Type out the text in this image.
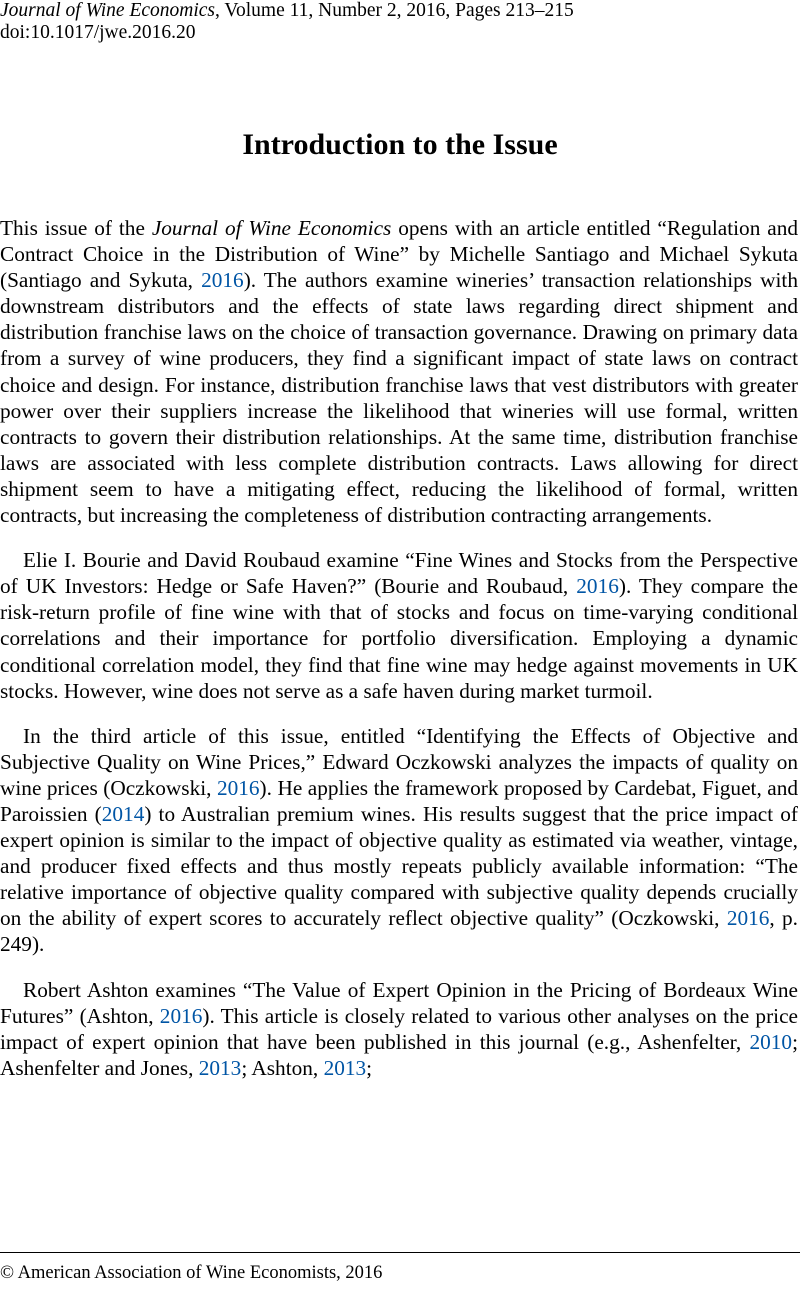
Journal of Wine Economics, Volume 11, Number 2, 2016, Pages 213–215
doi:10.1017/jwe.2016.20
Introduction to the Issue

This issue of the Journal of Wine Economics opens with an article entitled “Regulation and Contract Choice in the Distribution of Wine” by Michelle Santiago and Michael Sykuta (Santiago and Sykuta, 2016). The authors examine wineries’ transaction relationships with downstream distributors and the effects of state laws regarding direct shipment and distribution franchise laws on the choice of transaction governance. Drawing on primary data from a survey of wine producers, they find a significant impact of state laws on contract choice and design. For instance, distribution franchise laws that vest distributors with greater power over their suppliers increase the likelihood that wineries will use formal, written contracts to govern their distribution relationships. At the same time, distribution franchise laws are associated with less complete distribution contracts. Laws allowing for direct shipment seem to have a mitigating effect, reducing the likelihood of formal, written contracts, but increasing the completeness of distribution contracting arrangements.

Elie I. Bourie and David Roubaud examine “Fine Wines and Stocks from the Perspective of UK Investors: Hedge or Safe Haven?” (Bourie and Roubaud, 2016). They compare the risk-return profile of fine wine with that of stocks and focus on time-varying conditional correlations and their importance for portfolio diversification. Employing a dynamic conditional correlation model, they find that fine wine may hedge against movements in UK stocks. However, wine does not serve as a safe haven during market turmoil.

In the third article of this issue, entitled “Identifying the Effects of Objective and Subjective Quality on Wine Prices,” Edward Oczkowski analyzes the impacts of quality on wine prices (Oczkowski, 2016). He applies the framework proposed by Cardebat, Figuet, and Paroissien (2014) to Australian premium wines. His results suggest that the price impact of expert opinion is similar to the impact of objective quality as estimated via weather, vintage, and producer fixed effects and thus mostly repeats publicly available information: “The relative importance of objective quality compared with subjective quality depends crucially on the ability of expert scores to accurately reflect objective quality” (Oczkowski, 2016, p. 249).

Robert Ashton examines “The Value of Expert Opinion in the Pricing of Bordeaux Wine Futures” (Ashton, 2016). This article is closely related to various other analyses on the price impact of expert opinion that have been published in this journal (e.g., Ashenfelter, 2010; Ashenfelter and Jones, 2013; Ashton, 2013;

© American Association of Wine Economists, 2016
